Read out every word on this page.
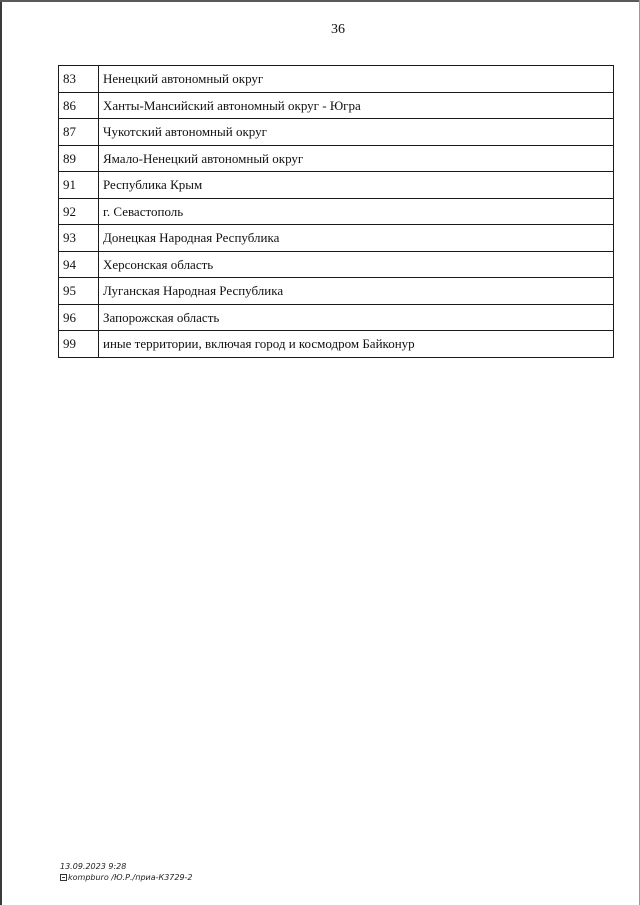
36
83	Ненецкий автономный округ
86	Ханты-Мансийский автономный округ - Югра
87	Чукотский автономный округ
89	Ямало-Ненецкий автономный округ
91	Республика Крым
92	г. Севастополь
93	Донецкая Народная Республика
94	Херсонская область
95	Луганская Народная Республика
96	Запорожская область
99	иные территории, включая город и космодром Байконур
13.09.2023 9:28
kompburo /Ю.Р./приа-К3729-2
